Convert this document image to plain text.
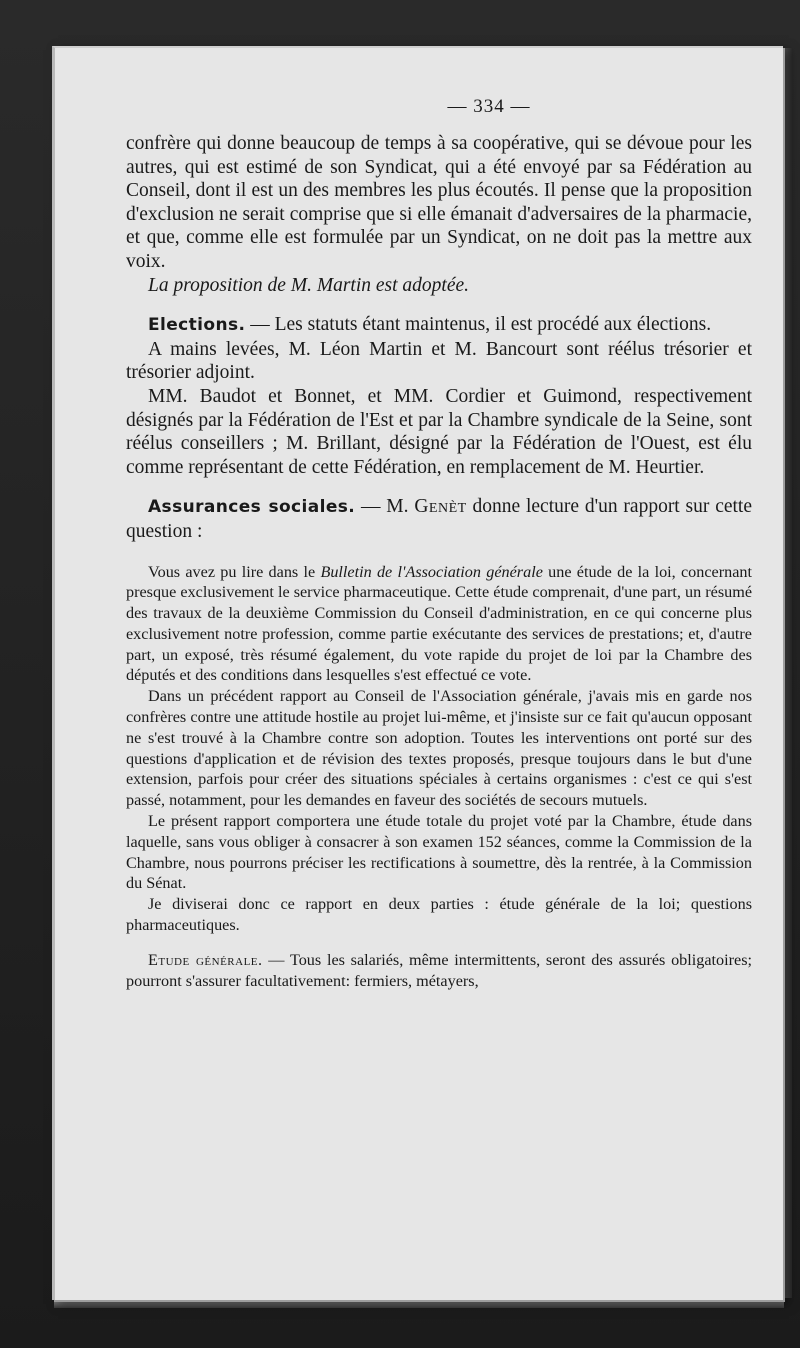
— 334 —

confrère qui donne beaucoup de temps à sa coopérative, qui se dévoue pour les autres, qui est estimé de son Syndicat, qui a été envoyé par sa Fédération au Conseil, dont il est un des membres les plus écoutés. Il pense que la proposition d'exclusion ne serait comprise que si elle émanait d'adversaires de la pharmacie, et que, comme elle est formulée par un Syndicat, on ne doit pas la mettre aux voix.

La proposition de M. Martin est adoptée.

Elections. — Les statuts étant maintenus, il est procédé aux élections.

A mains levées, M. Léon Martin et M. Bancourt sont réélus trésorier et trésorier adjoint.

MM. Baudot et Bonnet, et MM. Cordier et Guimond, respectivement désignés par la Fédération de l'Est et par la Chambre syndicale de la Seine, sont réélus conseillers ; M. Brillant, désigné par la Fédération de l'Ouest, est élu comme représentant de cette Fédération, en remplacement de M. Heurtier.

Assurances sociales. — M. Genèt donne lecture d'un rapport sur cette question :

Vous avez pu lire dans le Bulletin de l'Association générale une étude de la loi, concernant presque exclusivement le service pharmaceutique. Cette étude comprenait, d'une part, un résumé des travaux de la deuxième Commission du Conseil d'administration, en ce qui concerne plus exclusivement notre profession, comme partie exécutante des services de prestations; et, d'autre part, un exposé, très résumé également, du vote rapide du projet de loi par la Chambre des députés et des conditions dans lesquelles s'est effectué ce vote.

Dans un précédent rapport au Conseil de l'Association générale, j'avais mis en garde nos confrères contre une attitude hostile au projet lui-même, et j'insiste sur ce fait qu'aucun opposant ne s'est trouvé à la Chambre contre son adoption. Toutes les interventions ont porté sur des questions d'application et de révision des textes proposés, presque toujours dans le but d'une extension, parfois pour créer des situations spéciales à certains organismes : c'est ce qui s'est passé, notamment, pour les demandes en faveur des sociétés de secours mutuels.

Le présent rapport comportera une étude totale du projet voté par la Chambre, étude dans laquelle, sans vous obliger à consacrer à son examen 152 séances, comme la Commission de la Chambre, nous pourrons préciser les rectifications à soumettre, dès la rentrée, à la Commission du Sénat.

Je diviserai donc ce rapport en deux parties : étude générale de la loi; questions pharmaceutiques.

Etude générale. — Tous les salariés, même intermittents, seront des assurés obligatoires; pourront s'assurer facultativement: fermiers, métayers,
